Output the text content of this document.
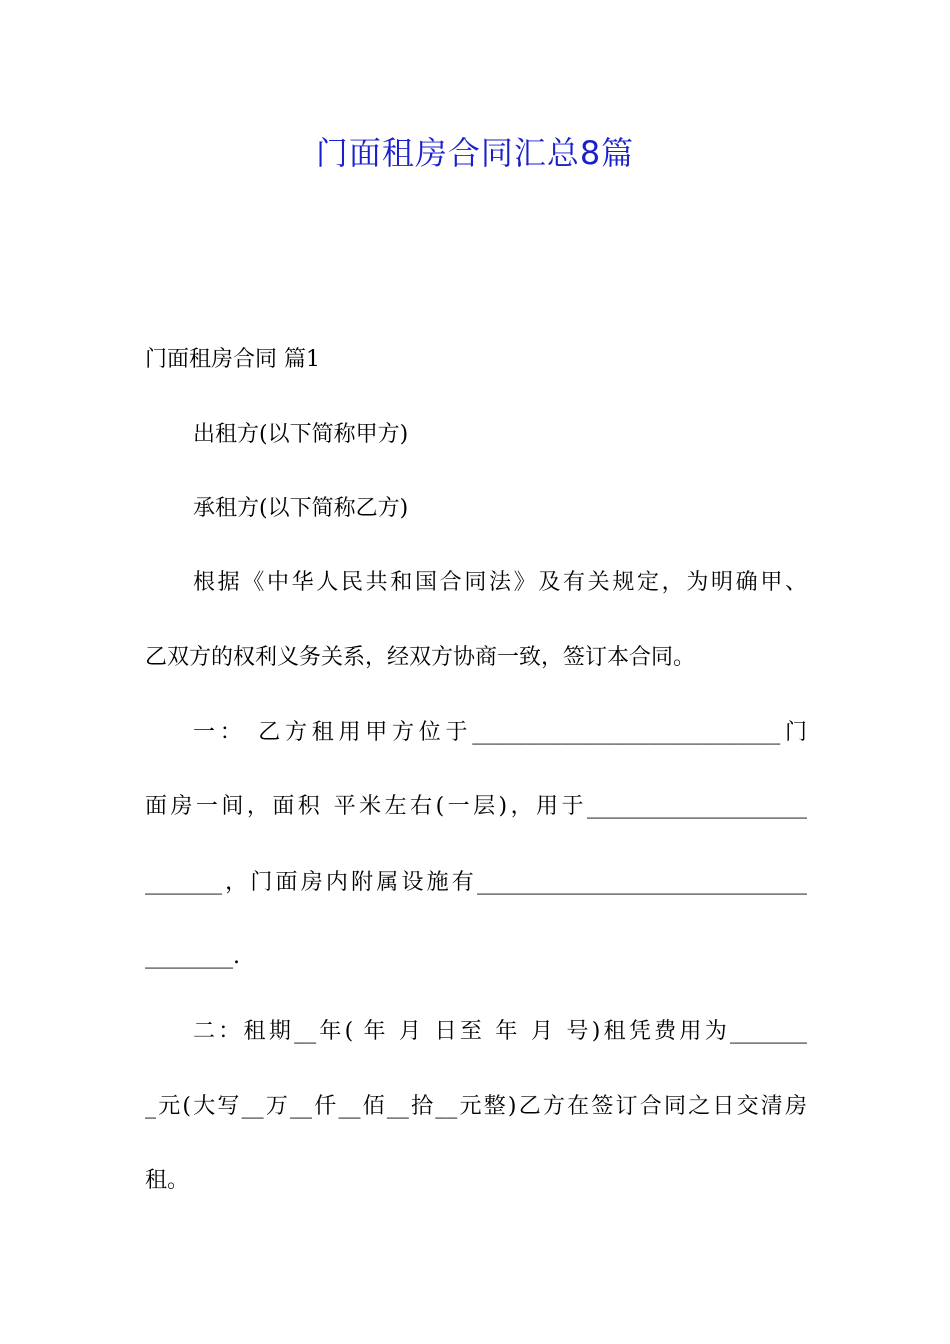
门面租房合同汇总8篇
门面租房合同 篇1
出租方(以下简称甲方)
承租方(以下简称乙方)
根据《中华人民共和国合同法》及有关规定，为明确甲、
乙双方的权利义务关系，经双方协商一致，签订本合同。
一： 乙方租用甲方位于____________________________门
面房一间，面积 平米左右(一层)，用于____________________
_______，门面房内附属设施有______________________________
________.
二：租期__年( 年 月 日至 年 月 号)租凭费用为_______
_元(大写__万__仟__佰__拾__元整)乙方在签订合同之日交清房
租。
